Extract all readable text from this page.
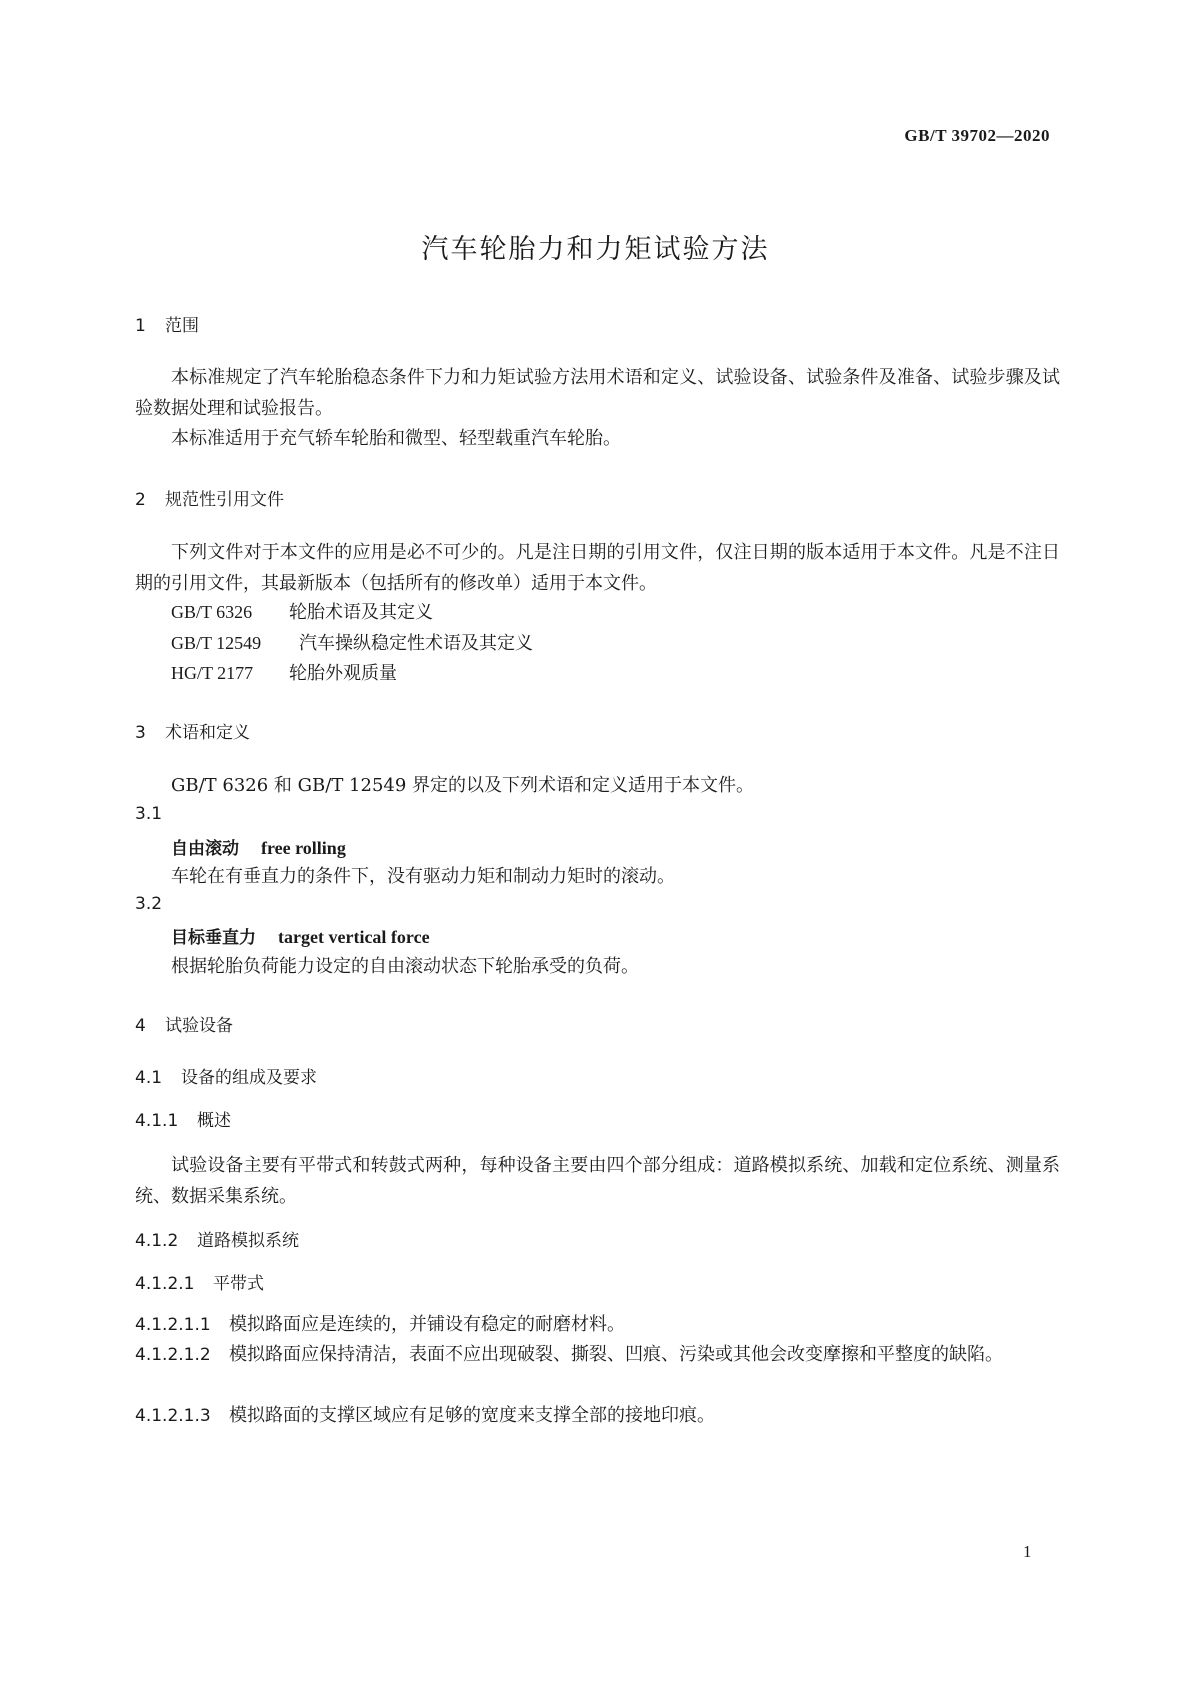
GB/T 39702—2020
汽车轮胎力和力矩试验方法
1 范围
本标准规定了汽车轮胎稳态条件下力和力矩试验方法用术语和定义、试验设备、试验条件及准备、试验步骤及试验数据处理和试验报告。
本标准适用于充气轿车轮胎和微型、轻型载重汽车轮胎。
2 规范性引用文件
下列文件对于本文件的应用是必不可少的。凡是注日期的引用文件，仅注日期的版本适用于本文件。凡是不注日期的引用文件，其最新版本（包括所有的修改单）适用于本文件。
GB/T 6326 轮胎术语及其定义
GB/T 12549 汽车操纵稳定性术语及其定义
HG/T 2177 轮胎外观质量
3 术语和定义
GB/T 6326 和 GB/T 12549 界定的以及下列术语和定义适用于本文件。
3.1
自由滚动 free rolling
车轮在有垂直力的条件下，没有驱动力矩和制动力矩时的滚动。
3.2
目标垂直力 target vertical force
根据轮胎负荷能力设定的自由滚动状态下轮胎承受的负荷。
4 试验设备
4.1 设备的组成及要求
4.1.1 概述
试验设备主要有平带式和转鼓式两种，每种设备主要由四个部分组成：道路模拟系统、加载和定位系统、测量系统、数据采集系统。
4.1.2 道路模拟系统
4.1.2.1 平带式
4.1.2.1.1 模拟路面应是连续的，并铺设有稳定的耐磨材料。
4.1.2.1.2 模拟路面应保持清洁，表面不应出现破裂、撕裂、凹痕、污染或其他会改变摩擦和平整度的缺陷。
4.1.2.1.3 模拟路面的支撑区域应有足够的宽度来支撑全部的接地印痕。
1
